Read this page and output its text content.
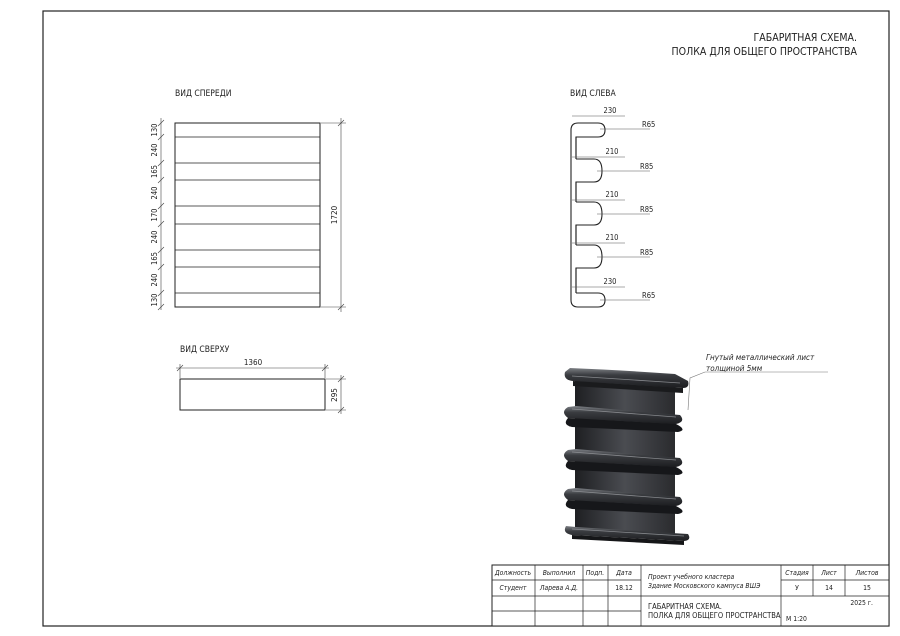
ГАБАРИТНАЯ СХЕМА.
ПОЛКА ДЛЯ ОБЩЕГО ПРОСТРАНСТВА
ВИД СПЕРЕДИ
130
240
165
240
170
240
165
240
130
1720
ВИД СВЕРХУ
1360
295
ВИД СЛЕВА
230
210
210
210
230
R65
R85
R85
R85
R65
Гнутый металлический лист
толщиной 5мм
Должность Выполнил Подп. Дата
Студент Ларева А.Д.	18.12
Проект учебного кластера
Здание Московского кампуса ВШЭ
Стадия Лист	Листов
У	14	15
2025 г.
М 1:20
ГАБАРИТНАЯ СХЕМА.
ПОЛКА ДЛЯ ОБЩЕГО ПРОСТРАНСТВА
